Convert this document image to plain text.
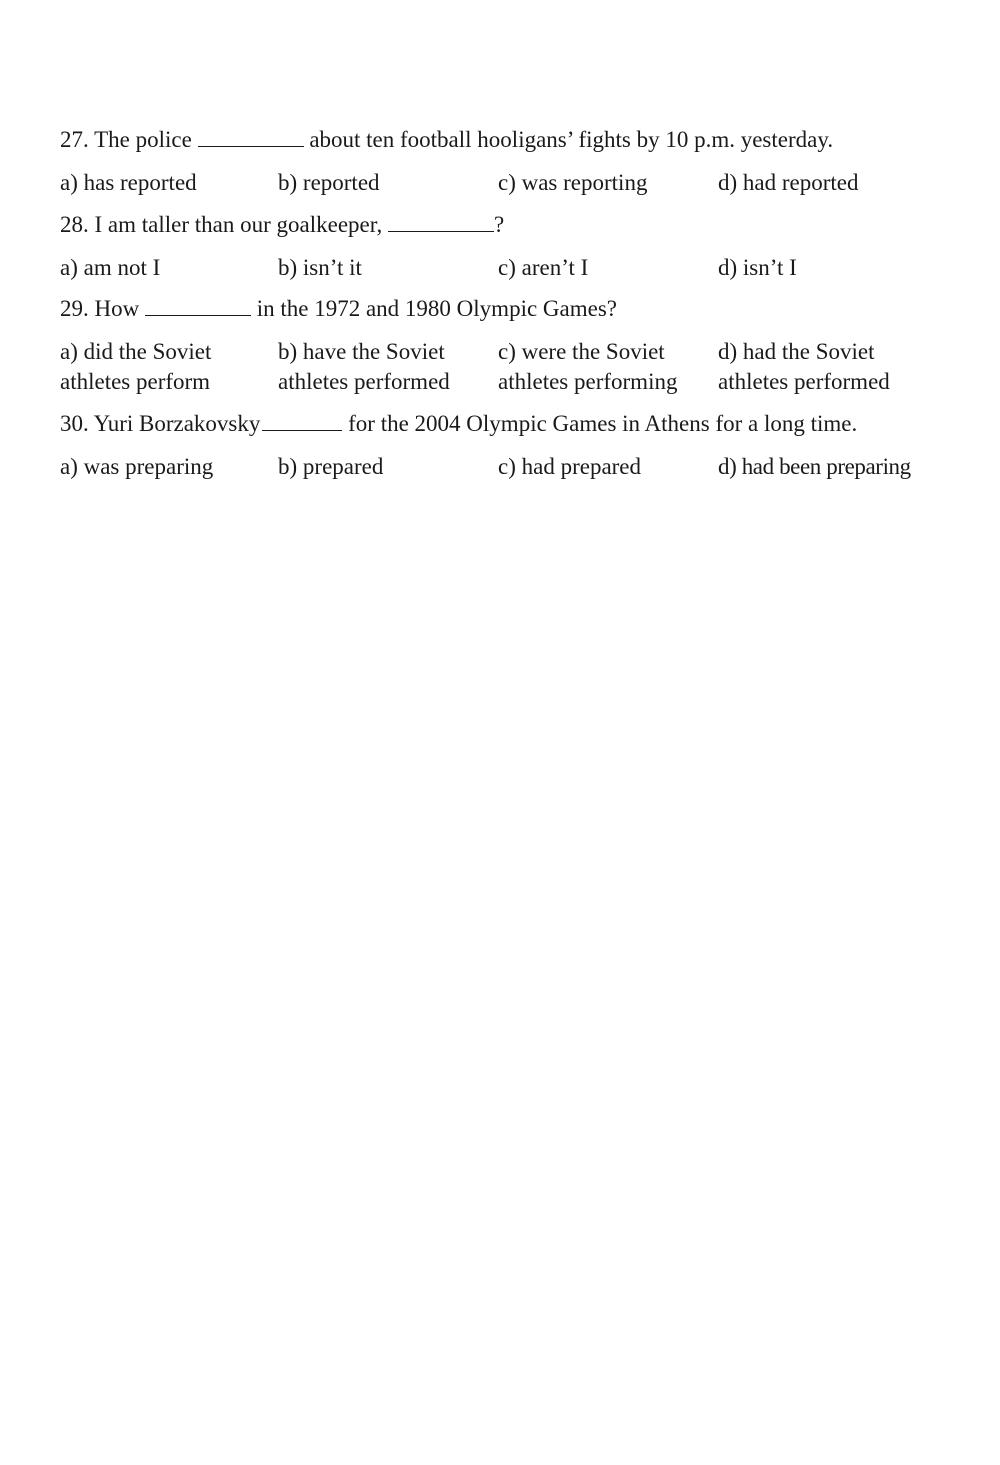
27. The police	about ten football hooligans’ fights by 10 p.m. yesterday.
a) has reported	b) reported	c) was reporting	d) had reported
28. I am taller than our goalkeeper,	?
a) am not I	b) isn’t it	c) aren’t I	d) isn’t I
29. How	in the 1972 and 1980 Olympic Games?
a) did the Soviet athletes perform
b) have the Soviet athletes performed
c) were the Soviet athletes performing
d) had the Soviet athletes performed
30. Yuri Borzakovsky	for the 2004 Olympic Games in Athens for a long time.
a) was preparing	b) prepared	c) had prepared	d) had been preparing
